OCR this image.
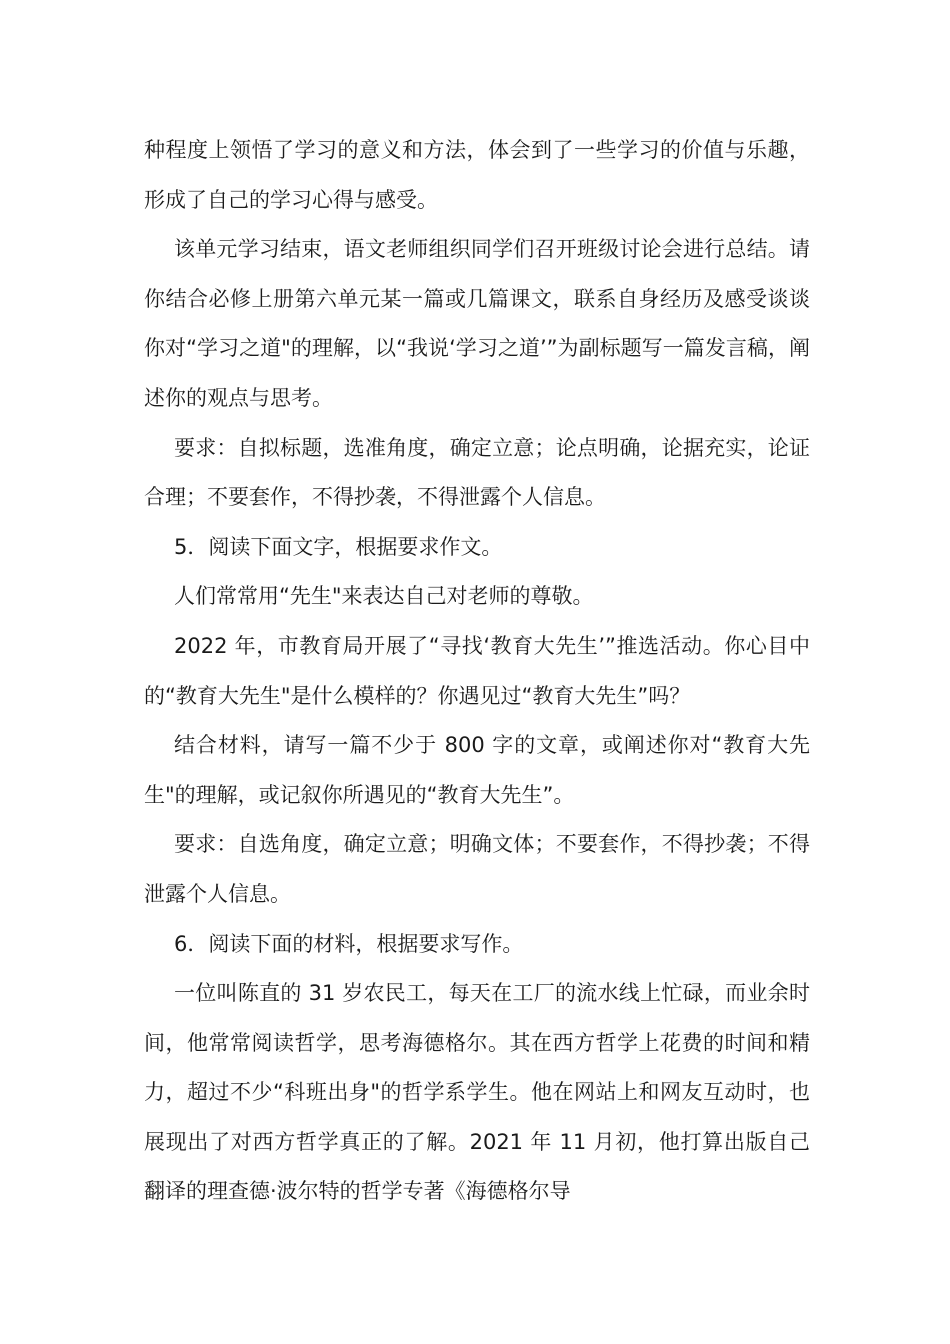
种程度上领悟了学习的意义和方法，体会到了一些学习的价值与乐趣，形成了自己的学习心得与感受。

该单元学习结束，语文老师组织同学们召开班级讨论会进行总结。请你结合必修上册第六单元某一篇或几篇课文，联系自身经历及感受谈谈你对“学习之道"的理解，以“我说‘学习之道’”为副标题写一篇发言稿，阐述你的观点与思考。

要求：自拟标题，选准角度，确定立意；论点明确，论据充实，论证合理；不要套作，不得抄袭，不得泄露个人信息。

5．阅读下面文字，根据要求作文。

人们常常用“先生"来表达自己对老师的尊敬。

2022 年，市教育局开展了“寻找‘教育大先生’”推选活动。你心目中的“教育大先生"是什么模样的？你遇见过“教育大先生”吗？

结合材料，请写一篇不少于 800 字的文章，或阐述你对“教育大先生"的理解，或记叙你所遇见的“教育大先生”。

要求：自选角度，确定立意；明确文体；不要套作，不得抄袭；不得泄露个人信息。

6．阅读下面的材料，根据要求写作。

一位叫陈直的 31 岁农民工，每天在工厂的流水线上忙碌，而业余时间，他常常阅读哲学，思考海德格尔。其在西方哲学上花费的时间和精力，超过不少“科班出身"的哲学系学生。他在网站上和网友互动时，也展现出了对西方哲学真正的了解。2021 年 11 月初，他打算出版自己翻译的理查德·波尔特的哲学专著《海德格尔导
